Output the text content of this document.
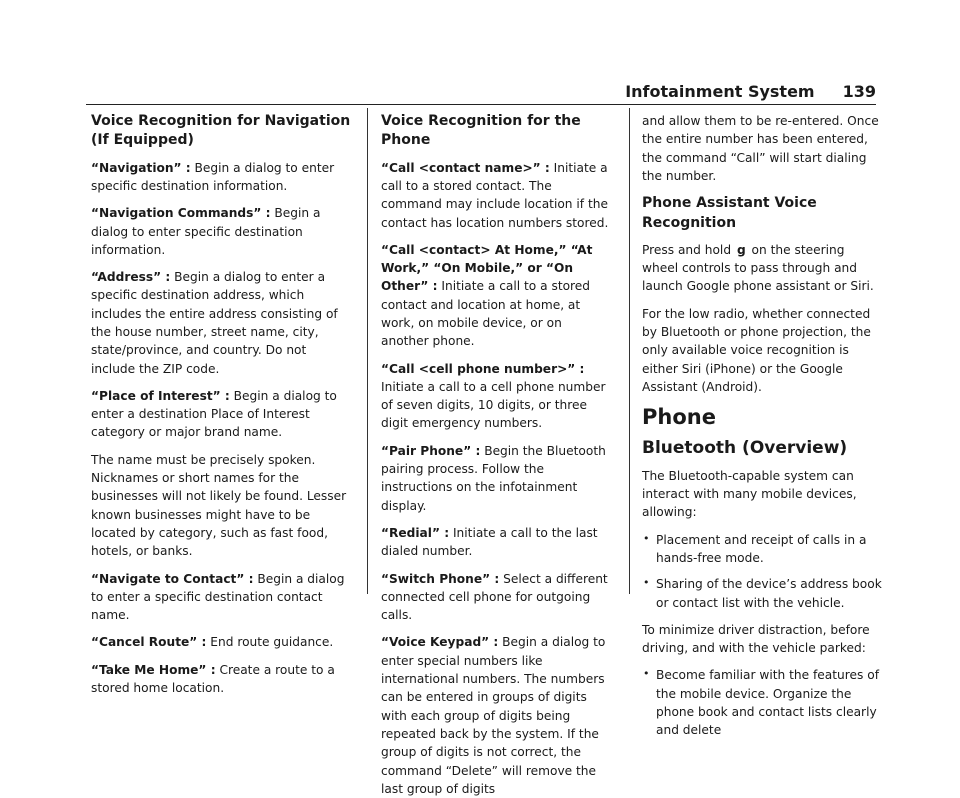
Infotainment System 139
Voice Recognition for Navigation (If Equipped)

“Navigation” : Begin a dialog to enter specific destination information.

“Navigation Commands” : Begin a dialog to enter specific destination information.

“Address” : Begin a dialog to enter a specific destination address, which includes the entire address consisting of the house number, street name, city, state/province, and country. Do not include the ZIP code.

“Place of Interest” : Begin a dialog to enter a destination Place of Interest category or major brand name.

The name must be precisely spoken. Nicknames or short names for the businesses will not likely be found. Lesser known businesses might have to be located by category, such as fast food, hotels, or banks.

“Navigate to Contact” : Begin a dialog to enter a specific destination contact name.

“Cancel Route” : End route guidance.

“Take Me Home” : Create a route to a stored home location.

Voice Recognition for the Phone

“Call <contact name>” : Initiate a call to a stored contact. The command may include location if the contact has location numbers stored.

“Call <contact> At Home,” “At Work,” “On Mobile,” or “On Other” : Initiate a call to a stored contact and location at home, at work, on mobile device, or on another phone.

“Call <cell phone number>” : Initiate a call to a cell phone number of seven digits, 10 digits, or three digit emergency numbers.

“Pair Phone” : Begin the Bluetooth pairing process. Follow the instructions on the infotainment display.

“Redial” : Initiate a call to the last dialed number.

“Switch Phone” : Select a different connected cell phone for outgoing calls.

“Voice Keypad” : Begin a dialog to enter special numbers like international numbers. The numbers can be entered in groups of digits with each group of digits being repeated back by the system. If the group of digits is not correct, the command “Delete” will remove the last group of digits

and allow them to be re-entered. Once the entire number has been entered, the command “Call” will start dialing the number.

Phone Assistant Voice Recognition

Press and hold g on the steering wheel controls to pass through and launch Google phone assistant or Siri.

For the low radio, whether connected by Bluetooth or phone projection, the only available voice recognition is either Siri (iPhone) or the Google Assistant (Android).

Phone
Bluetooth (Overview)

The Bluetooth-capable system can interact with many mobile devices, allowing:

• Placement and receipt of calls in a hands-free mode.
• Sharing of the device’s address book or contact list with the vehicle.

To minimize driver distraction, before driving, and with the vehicle parked:

• Become familiar with the features of the mobile device. Organize the phone book and contact lists clearly and delete
